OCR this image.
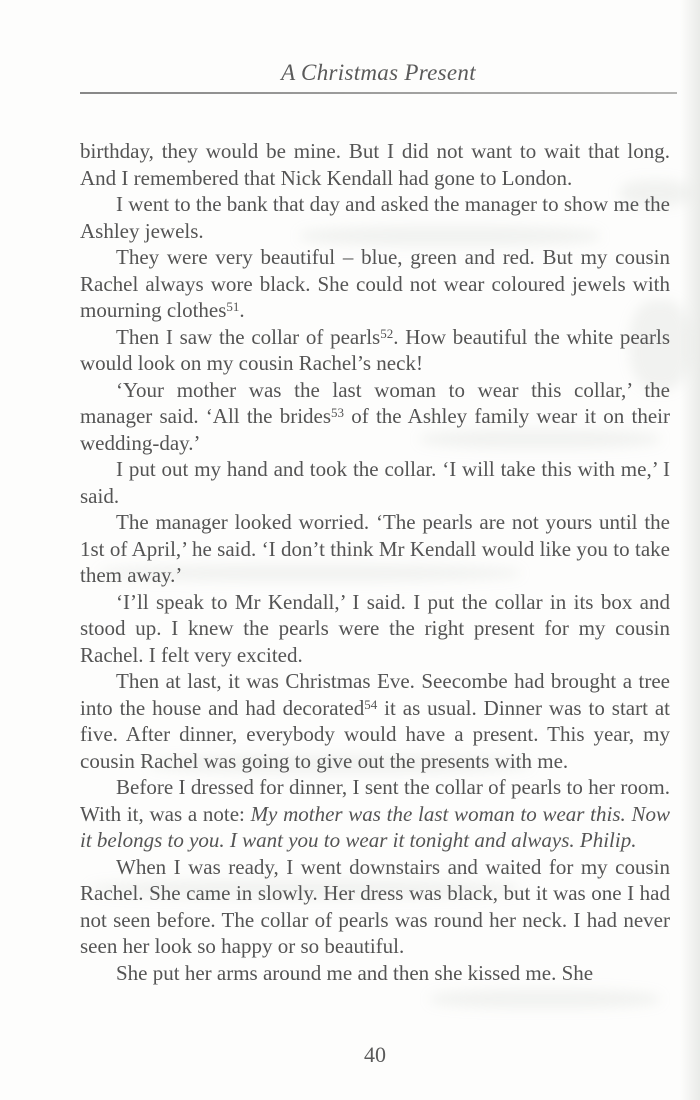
A Christmas Present

birthday, they would be mine. But I did not want to wait that long. And I remembered that Nick Kendall had gone to London.

I went to the bank that day and asked the manager to show me the Ashley jewels.

They were very beautiful – blue, green and red. But my cousin Rachel always wore black. She could not wear coloured jewels with mourning clothes$^{51}$.

Then I saw the collar of pearls$^{52}$. How beautiful the white pearls would look on my cousin Rachel’s neck!

‘Your mother was the last woman to wear this collar,’ the manager said. ‘All the brides$^{53}$ of the Ashley family wear it on their wedding-day.’

I put out my hand and took the collar. ‘I will take this with me,’ I said.

The manager looked worried. ‘The pearls are not yours until the 1st of April,’ he said. ‘I don’t think Mr Kendall would like you to take them away.’

‘I’ll speak to Mr Kendall,’ I said. I put the collar in its box and stood up. I knew the pearls were the right present for my cousin Rachel. I felt very excited.

Then at last, it was Christmas Eve. Seecombe had brought a tree into the house and had decorated$^{54}$ it as usual. Dinner was to start at five. After dinner, everybody would have a present. This year, my cousin Rachel was going to give out the presents with me.

Before I dressed for dinner, I sent the collar of pearls to her room. With it, was a note: My mother was the last woman to wear this. Now it belongs to you. I want you to wear it tonight and always. Philip.

When I was ready, I went downstairs and waited for my cousin Rachel. She came in slowly. Her dress was black, but it was one I had not seen before. The collar of pearls was round her neck. I had never seen her look so happy or so beautiful.

She put her arms around me and then she kissed me. She

40
